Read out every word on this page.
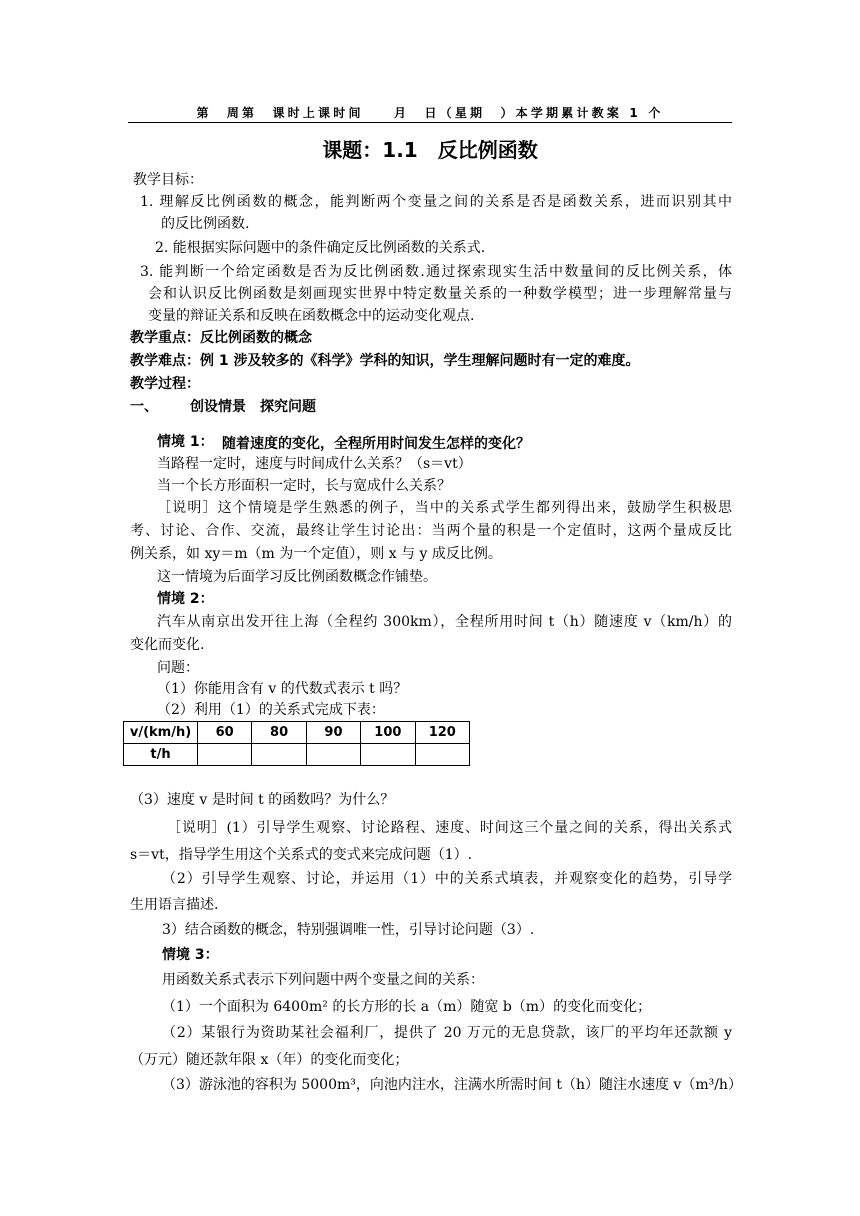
第　周第　课时上课时间　　月　日（星期　）本学期累计教案 1 个
课题：1.1　反比例函数
教学目标：
1. 理解反比例函数的概念，能判断两个变量之间的关系是否是函数关系，进而识别其中
的反比例函数.
2. 能根据实际问题中的条件确定反比例函数的关系式.
3. 能判断一个给定函数是否为反比例函数.通过探索现实生活中数量间的反比例关系，体
会和认识反比例函数是刻画现实世界中特定数量关系的一种数学模型；进一步理解常量与
变量的辩证关系和反映在函数概念中的运动变化观点.
教学重点：反比例函数的概念
教学难点：例 1 涉及较多的《科学》学科的知识，学生理解问题时有一定的难度。
教学过程：
一、 创设情景　探究问题
情境 1： 随着速度的变化，全程所用时间发生怎样的变化？
当路程一定时，速度与时间成什么关系？（s＝vt）
当一个长方形面积一定时，长与宽成什么关系？
［说明］这个情境是学生熟悉的例子，当中的关系式学生都列得出来，鼓励学生积极思
考、讨论、合作、交流，最终让学生讨论出：当两个量的积是一个定值时，这两个量成反比
例关系，如 xy＝m（m 为一个定值），则 x 与 y 成反比例。
这一情境为后面学习反比例函数概念作铺垫。
情境 2：
汽车从南京出发开往上海（全程约 300km），全程所用时间 t（h）随速度 v（km/h）的
变化而变化.
问题：
（1）你能用含有 v 的代数式表示 t 吗？
（2）利用（1）的关系式完成下表：
v/(km/h)	60	80	90	100	120
t/h					
（3）速度 v 是时间 t 的函数吗？为什么？
［说明］(1）引导学生观察、讨论路程、速度、时间这三个量之间的关系，得出关系式
s＝vt，指导学生用这个关系式的变式来完成问题（1）.
（2）引导学生观察、讨论，并运用（1）中的关系式填表，并观察变化的趋势，引导学
生用语言描述.
3）结合函数的概念，特别强调唯一性，引导讨论问题（3）.
情境 3：
用函数关系式表示下列问题中两个变量之间的关系：
（1）一个面积为 6400m² 的长方形的长 a（m）随宽 b（m）的变化而变化；
（2）某银行为资助某社会福利厂，提供了 20 万元的无息贷款，该厂的平均年还款额 y
（万元）随还款年限 x（年）的变化而变化；
（3）游泳池的容积为 5000m³，向池内注水，注满水所需时间 t（h）随注水速度 v（m³/h）
